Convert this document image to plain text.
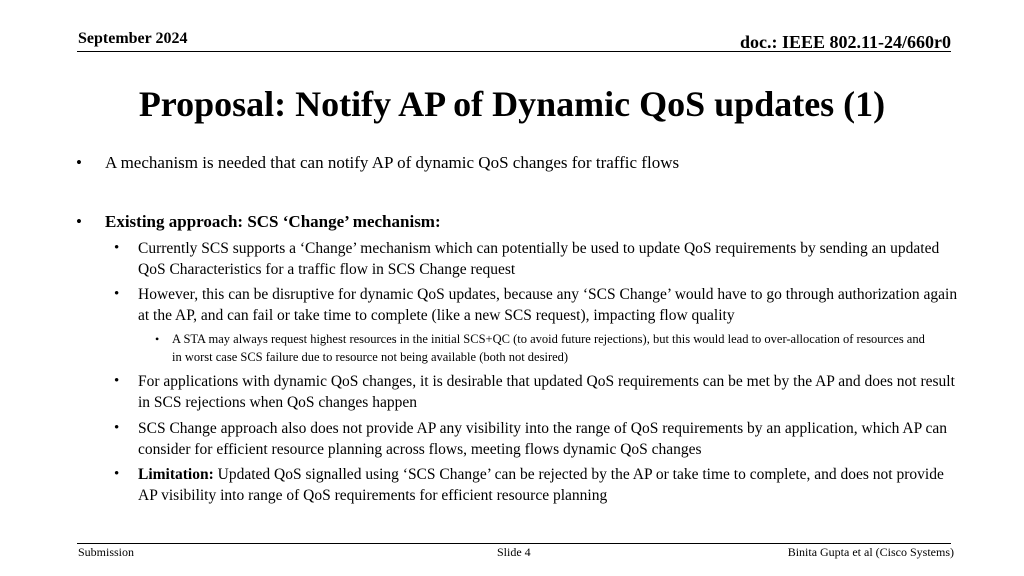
September 2024	doc.: IEEE 802.11-24/660r0
Proposal: Notify AP of Dynamic QoS updates (1)
• A mechanism is needed that can notify AP of dynamic QoS changes for traffic flows
• Existing approach: SCS ‘Change’ mechanism:
• Currently SCS supports a ‘Change’ mechanism which can potentially be used to update QoS requirements by sending an updated QoS Characteristics for a traffic flow in SCS Change request
• However, this can be disruptive for dynamic QoS updates, because any ‘SCS Change’ would have to go through authorization again at the AP, and can fail or take time to complete (like a new SCS request), impacting flow quality
• A STA may always request highest resources in the initial SCS+QC (to avoid future rejections), but this would lead to over-allocation of resources and in worst case SCS failure due to resource not being available (both not desired)
• For applications with dynamic QoS changes, it is desirable that updated QoS requirements can be met by the AP and does not result in SCS rejections when QoS changes happen
• SCS Change approach also does not provide AP any visibility into the range of QoS requirements by an application, which AP can consider for efficient resource planning across flows, meeting flows dynamic QoS changes
• Limitation: Updated QoS signalled using ‘SCS Change’ can be rejected by the AP or take time to complete, and does not provide AP visibility into range of QoS requirements for efficient resource planning
Submission	Slide 4	Binita Gupta et al (Cisco Systems)
